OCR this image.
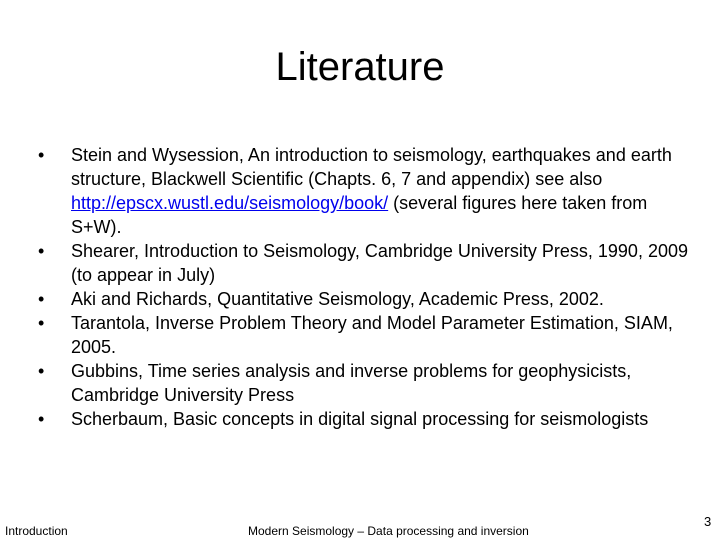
Literature
• Stein and Wysession, An introduction to seismology, earthquakes and earth structure, Blackwell Scientific (Chapts. 6, 7 and appendix) see also http://epscx.wustl.edu/seismology/book/ (several figures here taken from S+W).
• Shearer, Introduction to Seismology, Cambridge University Press, 1990, 2009 (to appear in July)
• Aki and Richards, Quantitative Seismology, Academic Press, 2002.
• Tarantola, Inverse Problem Theory and Model Parameter Estimation, SIAM, 2005.
• Gubbins, Time series analysis and inverse problems for geophysicists, Cambridge University Press
• Scherbaum, Basic concepts in digital signal processing for seismologists
Introduction	Modern Seismology – Data processing and inversion
3
